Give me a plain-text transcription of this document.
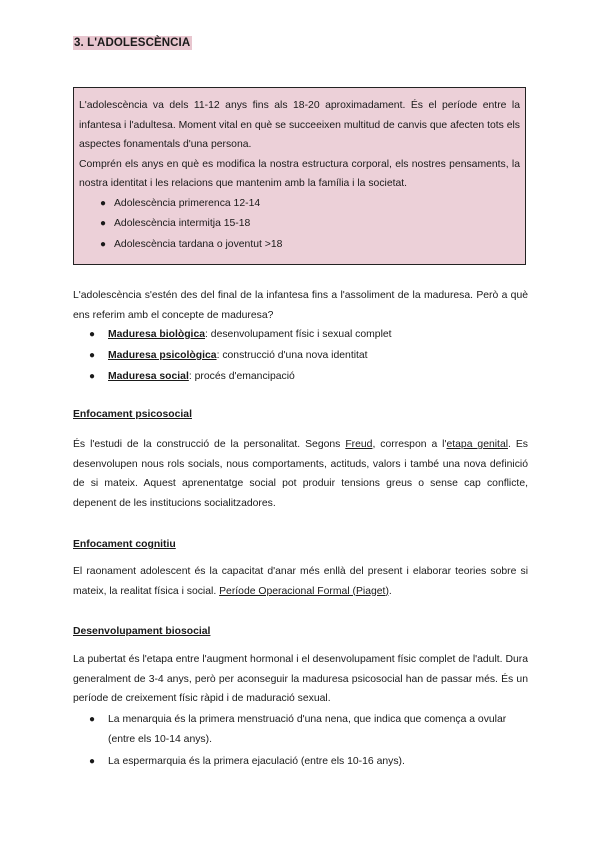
3. L'ADOLESCÈNCIA

L'adolescència va dels 11-12 anys fins als 18-20 aproximadament. És el període entre la infantesa i l'adultesa. Moment vital en què se succeeixen multitud de canvis que afecten tots els aspectes fonamentals d'una persona.

Comprén els anys en què es modifica la nostra estructura corporal, els nostres pensaments, la nostra identitat i les relacions que mantenim amb la família i la societat.

● Adolescència primerenca 12-14
● Adolescència intermitja 15-18
● Adolescència tardana o joventut >18

L'adolescència s'estén des del final de la infantesa fins a l'assoliment de la maduresa. Però a què ens referim amb el concepte de maduresa?

● Maduresa biològica: desenvolupament físic i sexual complet
● Maduresa psicològica: construcció d'una nova identitat
● Maduresa social: procés d'emancipació
Enfocament psicosocial

És l'estudi de la construcció de la personalitat. Segons Freud, correspon a l'etapa genital. Es desenvolupen nous rols socials, nous comportaments, actituds, valors i també una nova definició de si mateix. Aquest aprenentatge social pot produir tensions greus o sense cap conflicte, depenent de les institucions socialitzadores.

Enfocament cognitiu

El raonament adolescent és la capacitat d'anar més enllà del present i elaborar teories sobre si mateix, la realitat física i social. Període Operacional Formal (Piaget).

Desenvolupament biosocial

La pubertat és l'etapa entre l'augment hormonal i el desenvolupament físic complet de l'adult. Dura generalment de 3-4 anys, però per aconseguir la maduresa psicosocial han de passar més. És un període de creixement físic ràpid i de maduració sexual.

● La menarquia és la primera menstruació d'una nena, que indica que comença a ovular (entre els 10-14 anys).
● La espermarquia és la primera ejaculació (entre els 10-16 anys).
